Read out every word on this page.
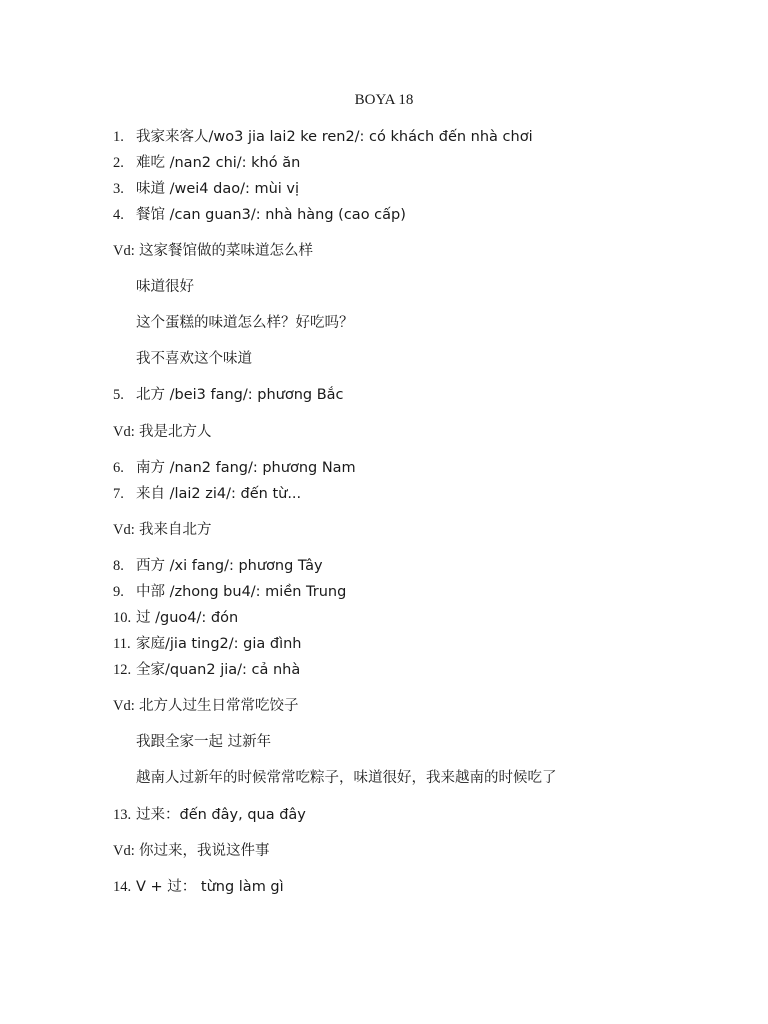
BOYA 18
1. 我家来客人/wo3 jia lai2 ke ren2/: có khách đến nhà chơi
2. 难吃 /nan2 chi/: khó ăn
3. 味道 /wei4 dao/: mùi vị
4. 餐馆 /can guan3/: nhà hàng (cao cấp)
Vd: 这家餐馆做的菜味道怎么样
味道很好
这个蛋糕的味道怎么样？好吃吗？
我不喜欢这个味道
5. 北方 /bei3 fang/: phương Bắc
Vd: 我是北方人
6. 南方 /nan2 fang/: phương Nam
7. 来自 /lai2 zi4/: đến từ...
Vd: 我来自北方
8. 西方 /xi fang/: phương Tây
9. 中部 /zhong bu4/: miền Trung
10. 过 /guo4/: đón
11. 家庭/jia ting2/: gia đình
12. 全家/quan2 jia/: cả nhà
Vd: 北方人过生日常常吃饺子
我跟全家一起 过新年
越南人过新年的时候常常吃粽子，味道很好，我来越南的时候吃了
13. 过来：đến đây, qua đây
Vd: 你过来，我说这件事
14. V + 过： từng làm gì
